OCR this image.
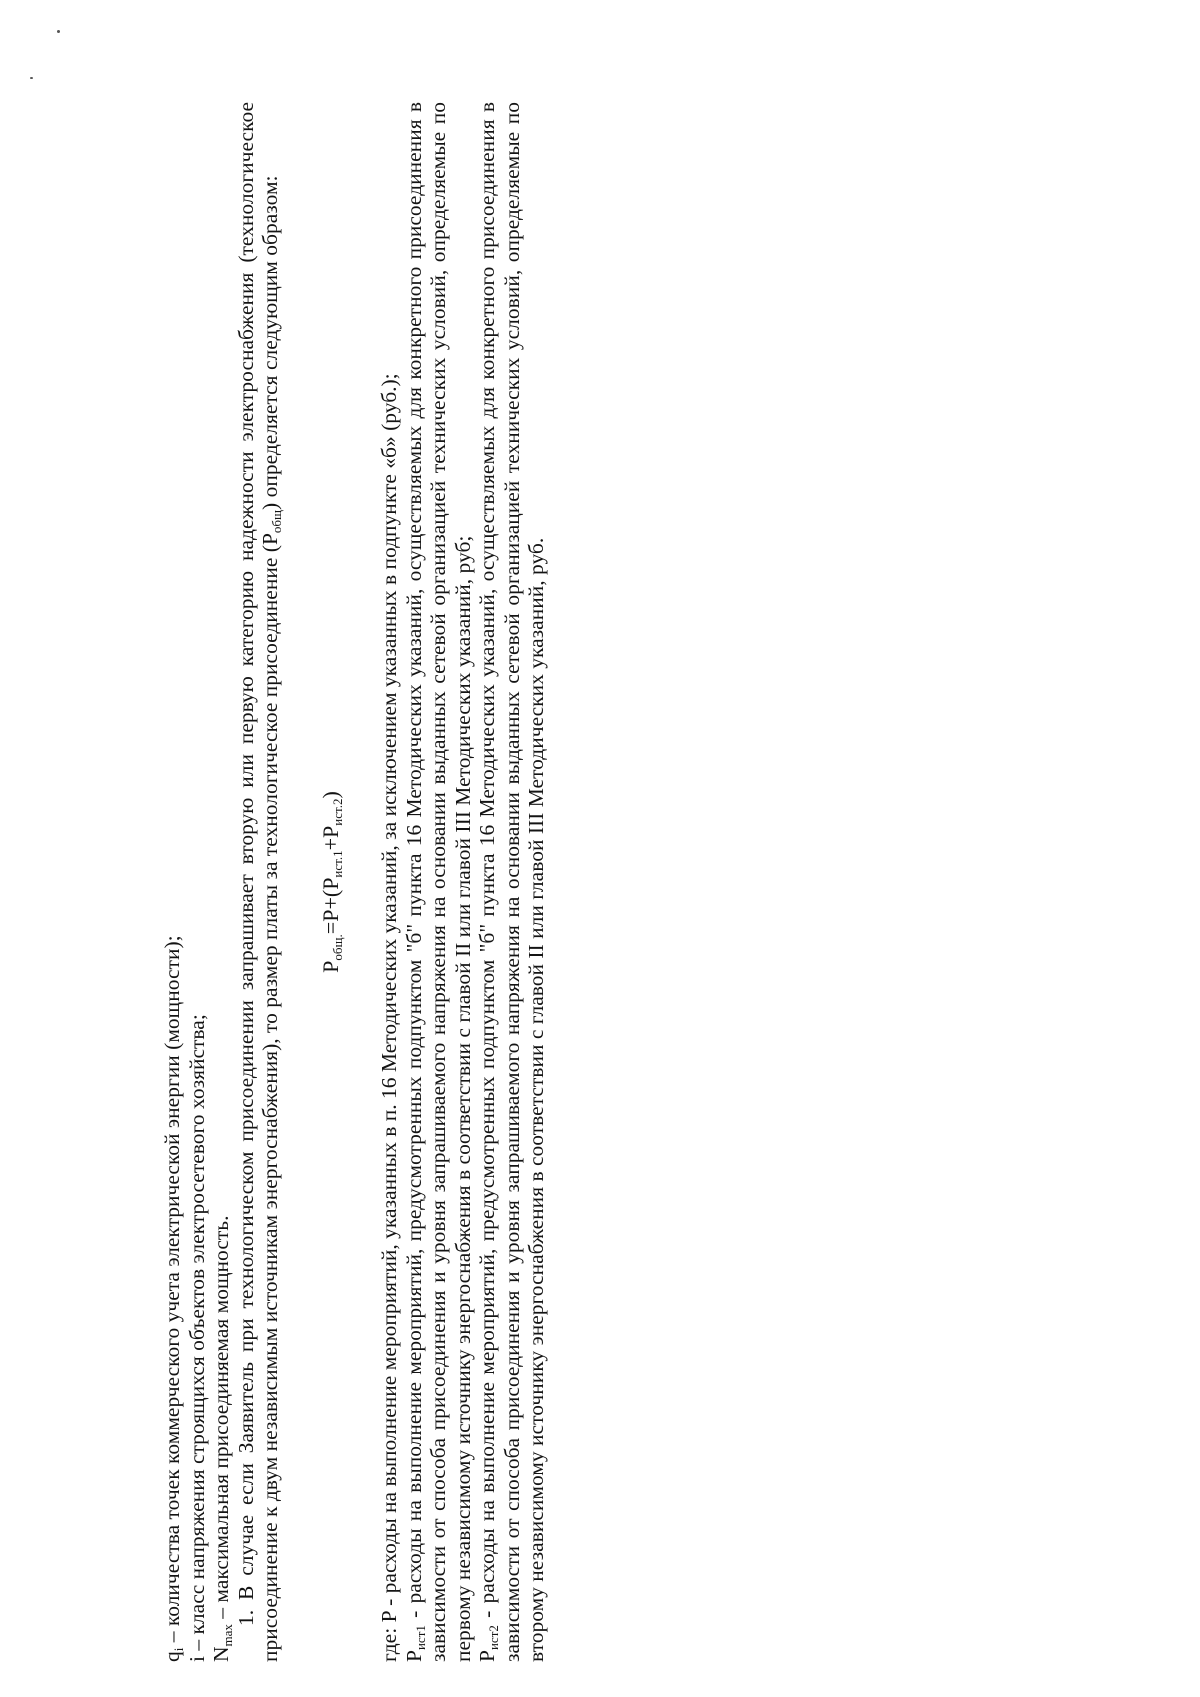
$q_i$ – количества точек коммерческого учета электрической энергии (мощности);

i – класс напряжения строящихся объектов электросетевого хозяйства; $N_{max}$ – максимальная присоединяемая мощность. 1. В случае если Заявитель при технологическом присоединении запрашивает вторую или первую категорию надежности электроснабжения (технологическое присоединение к двум независимым источникам энергоснабжения), то размер платы за технологическое присоединение $(P_{общ})$ определяется следующим образом:

$P_{общ.}=P+(P_{ист.1}+P_{ист.2})$ где: P - расходы на выполнение мероприятий, указанных в п. 16 Методических указаний, за исключением указанных в подпункте «б» (руб.); $P_{ист1}$ - расходы на выполнение мероприятий, предусмотренных подпунктом "б" пункта 16 Методических указаний, осуществляемых для конкретного присоединения в зависимости от способа присоединения и уровня запрашиваемого напряжения на основании выданных сетевой организацией технических условий, определяемые по первому независимому источнику энергоснабжения в соответствии с главой II или главой III Методических указаний, руб; $P_{ист2}$ - расходы на выполнение мероприятий, предусмотренных подпунктом "б" пункта 16 Методических указаний, осуществляемых для конкретного присоединения в зависимости от способа присоединения и уровня запрашиваемого напряжения на основании выданных сетевой организацией технических условий, определяемые по второму независимому источнику энергоснабжения в соответствии с главой II или главой III Методических указаний, руб.
